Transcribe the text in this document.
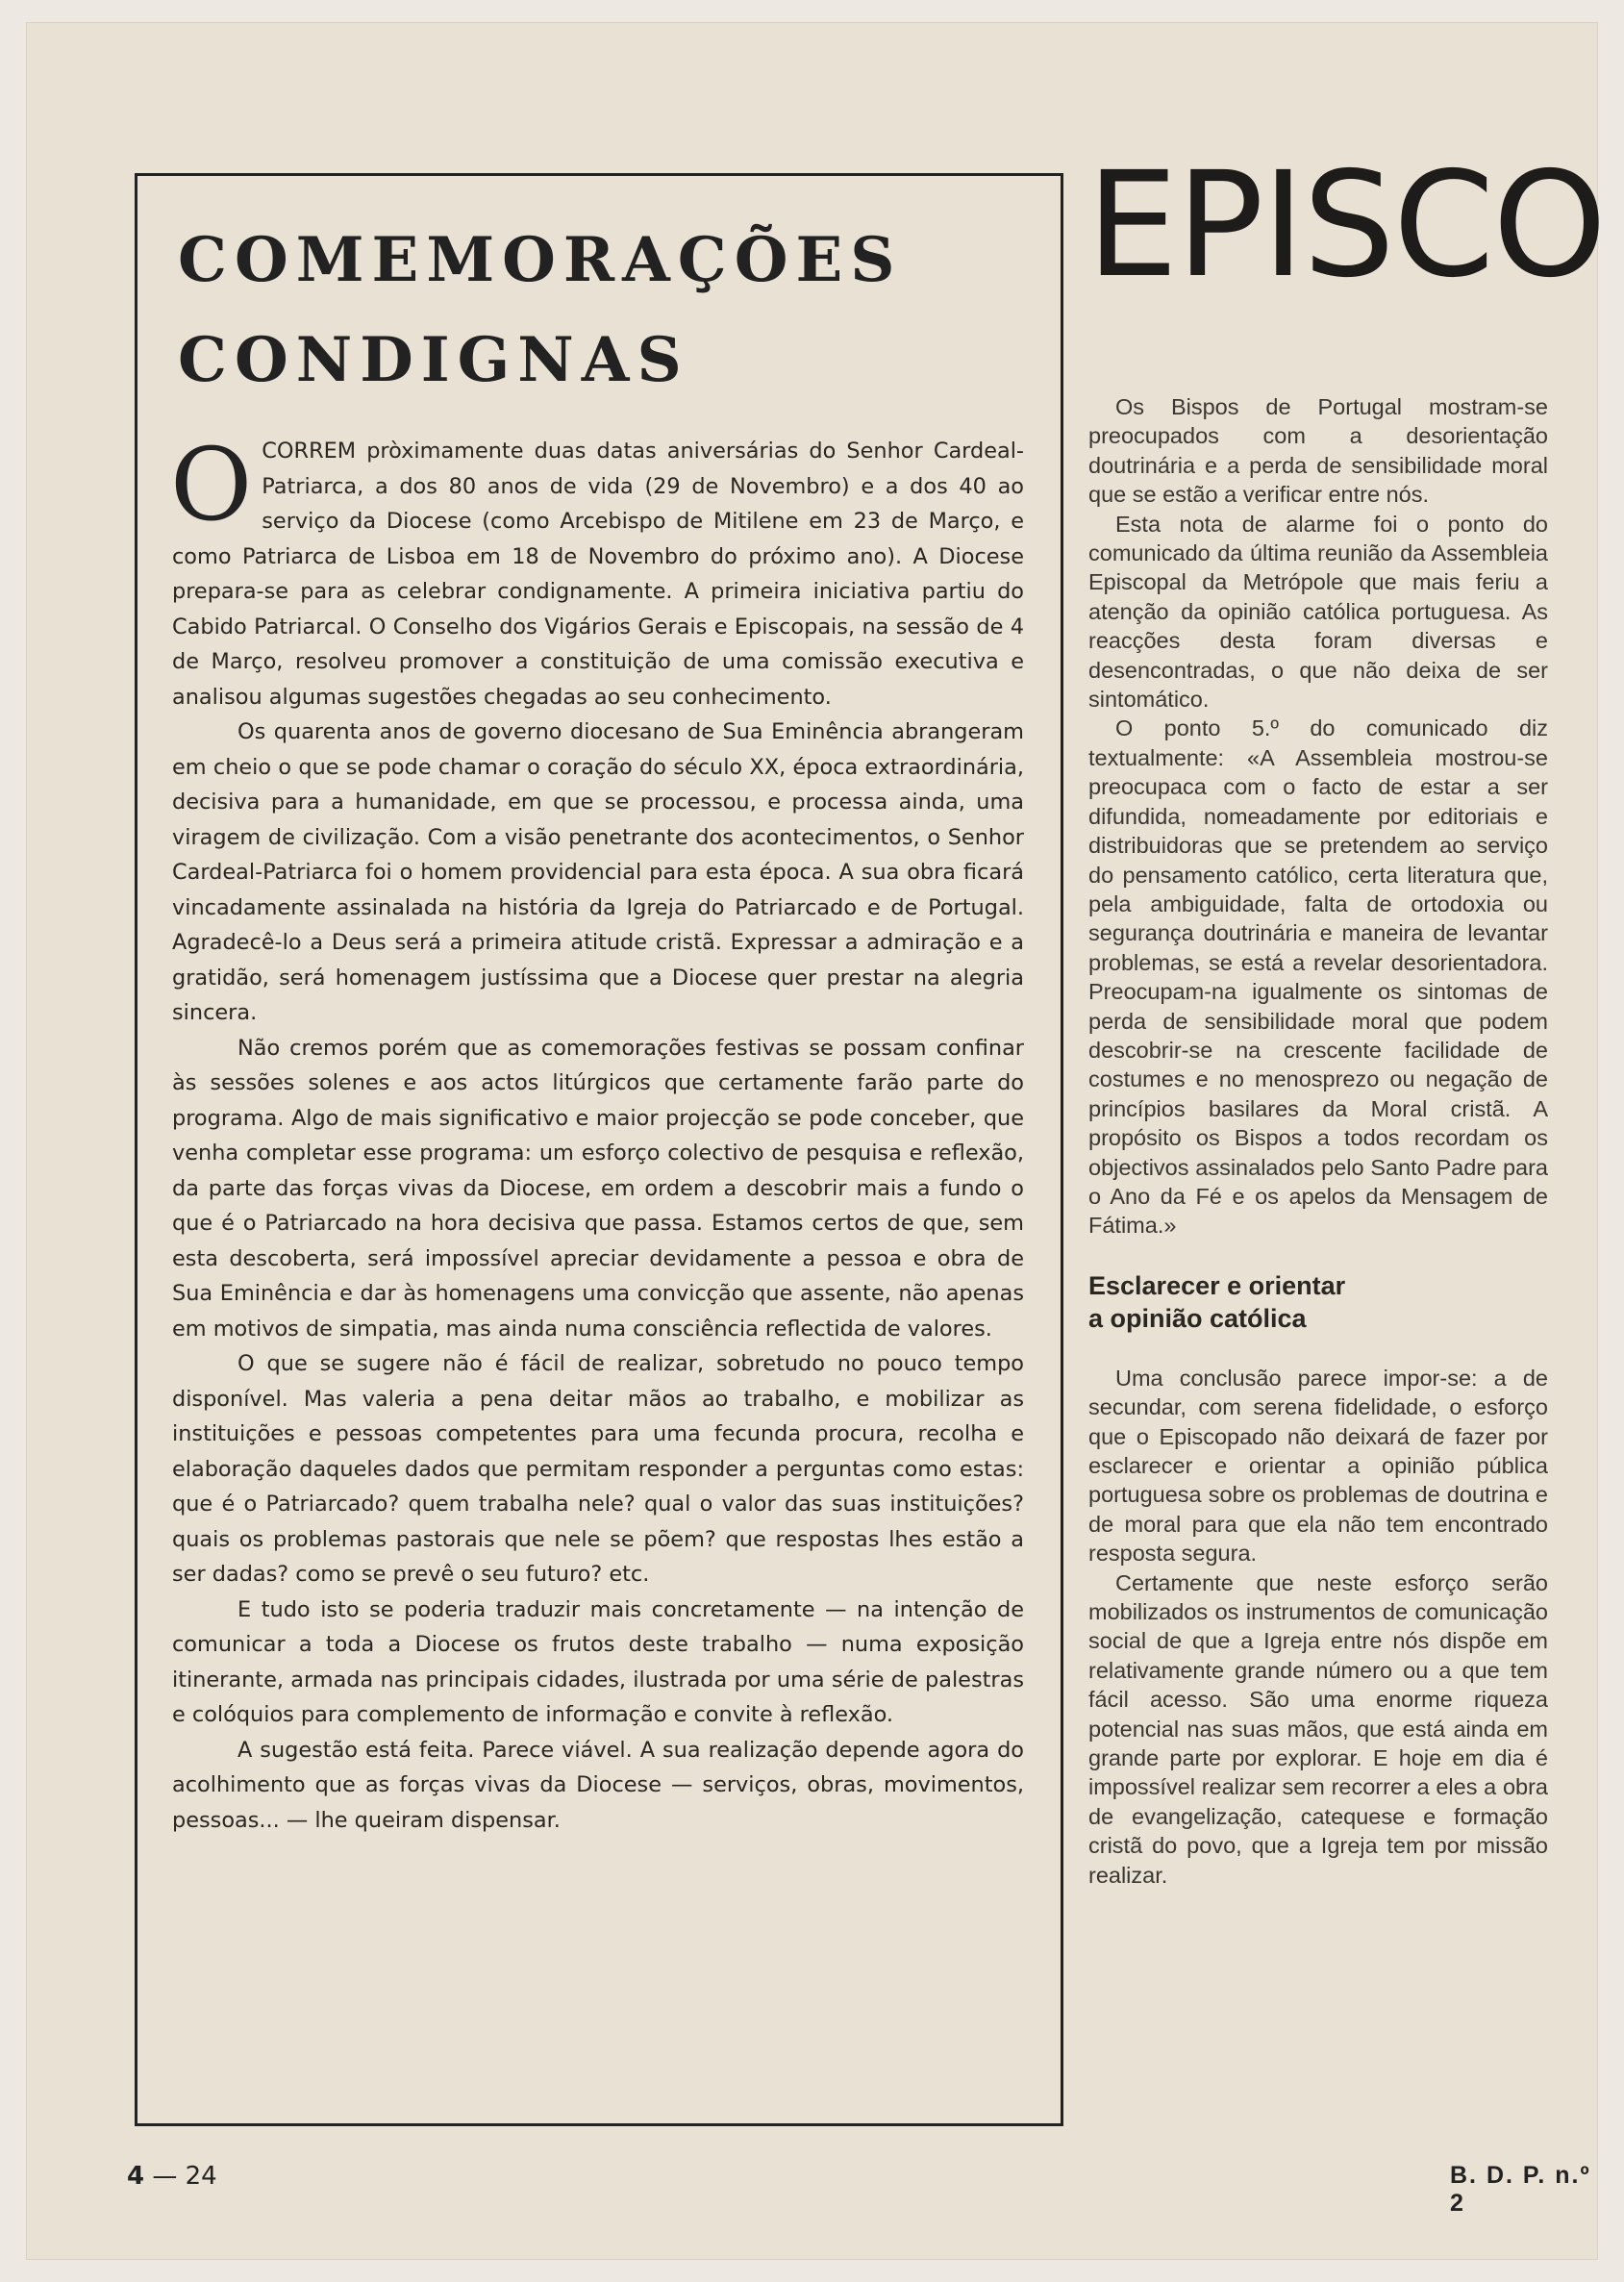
COMEMORAÇÕES
CONDIGNAS

OCORREM pròximamente duas datas aniversárias do Senhor Cardeal-Patriarca, a dos 80 anos de vida (29 de Novembro) e a dos 40 ao serviço da Diocese (como Arcebispo de Mitilene em 23 de Março, e como Patriarca de Lisboa em 18 de Novembro do próximo ano). A Diocese prepara-se para as celebrar condignamente. A primeira iniciativa partiu do Cabido Patriarcal. O Conselho dos Vigários Gerais e Episcopais, na sessão de 4 de Março, resolveu promover a constituição de uma comissão executiva e analisou algumas sugestões chegadas ao seu conhecimento.

Os quarenta anos de governo diocesano de Sua Eminência abrangeram em cheio o que se pode chamar o coração do século XX, época extraordinária, decisiva para a humanidade, em que se processou, e processa ainda, uma viragem de civilização. Com a visão penetrante dos acontecimentos, o Senhor Cardeal-Patriarca foi o homem providencial para esta época. A sua obra ficará vincadamente assinalada na história da Igreja do Patriarcado e de Portugal. Agradecê-lo a Deus será a primeira atitude cristã. Expressar a admiração e a gratidão, será homenagem justíssima que a Diocese quer prestar na alegria sincera.

Não cremos porém que as comemorações festivas se possam confinar às sessões solenes e aos actos litúrgicos que certamente farão parte do programa. Algo de mais significativo e maior projecção se pode conceber, que venha completar esse programa: um esforço colectivo de pesquisa e reflexão, da parte das forças vivas da Diocese, em ordem a descobrir mais a fundo o que é o Patriarcado na hora decisiva que passa. Estamos certos de que, sem esta descoberta, será impossível apreciar devidamente a pessoa e obra de Sua Eminência e dar às homenagens uma convicção que assente, não apenas em motivos de simpatia, mas ainda numa consciência reflectida de valores.

O que se sugere não é fácil de realizar, sobretudo no pouco tempo disponível. Mas valeria a pena deitar mãos ao trabalho, e mobilizar as instituições e pessoas competentes para uma fecunda procura, recolha e elaboração daqueles dados que permitam responder a perguntas como estas: que é o Patriarcado? quem trabalha nele? qual o valor das suas instituições? quais os problemas pastorais que nele se põem? que respostas lhes estão a ser dadas? como se prevê o seu futuro? etc.

E tudo isto se poderia traduzir mais concretamente — na intenção de comunicar a toda a Diocese os frutos deste trabalho — numa exposição itinerante, armada nas principais cidades, ilustrada por uma série de palestras e colóquios para complemento de informação e convite à reflexão.

A sugestão está feita. Parece viável. A sua realização depende agora do acolhimento que as forças vivas da Diocese — serviços, obras, movimentos, pessoas... — lhe queiram dispensar.

EPISCO

Os Bispos de Portugal mostram-se preocupados com a desorientação doutrinária e a perda de sensibilidade moral que se estão a verificar entre nós.

Esta nota de alarme foi o ponto do comunicado da última reunião da Assembleia Episcopal da Metrópole que mais feriu a atenção da opinião católica portuguesa. As reacções desta foram diversas e desencontradas, o que não deixa de ser sintomático.

O ponto 5.º do comunicado diz textualmente: «A Assembleia mostrou-se preocupaca com o facto de estar a ser difundida, nomeadamente por editoriais e distribuidoras que se pretendem ao serviço do pensamento católico, certa literatura que, pela ambiguidade, falta de ortodoxia ou segurança doutrinária e maneira de levantar problemas, se está a revelar desorientadora. Preocupam-na igualmente os sintomas de perda de sensibilidade moral que podem descobrir-se na crescente facilidade de costumes e no menosprezo ou negação de princípios basilares da Moral cristã. A propósito os Bispos a todos recordam os objectivos assinalados pelo Santo Padre para o Ano da Fé e os apelos da Mensagem de Fátima.»

Esclarecer e orientar
a opinião católica

Uma conclusão parece impor-se: a de secundar, com serena fidelidade, o esforço que o Episcopado não deixará de fazer por esclarecer e orientar a opinião pública portuguesa sobre os problemas de doutrina e de moral para que ela não tem encontrado resposta segura.

Certamente que neste esforço serão mobilizados os instrumentos de comunicação social de que a Igreja entre nós dispõe em relativamente grande número ou a que tem fácil acesso. São uma enorme riqueza potencial nas suas mãos, que está ainda em grande parte por explorar. E hoje em dia é impossível realizar sem recorrer a eles a obra de evangelização, catequese e formação cristã do povo, que a Igreja tem por missão realizar.

4 — 24	B. D. P. n.º 2
